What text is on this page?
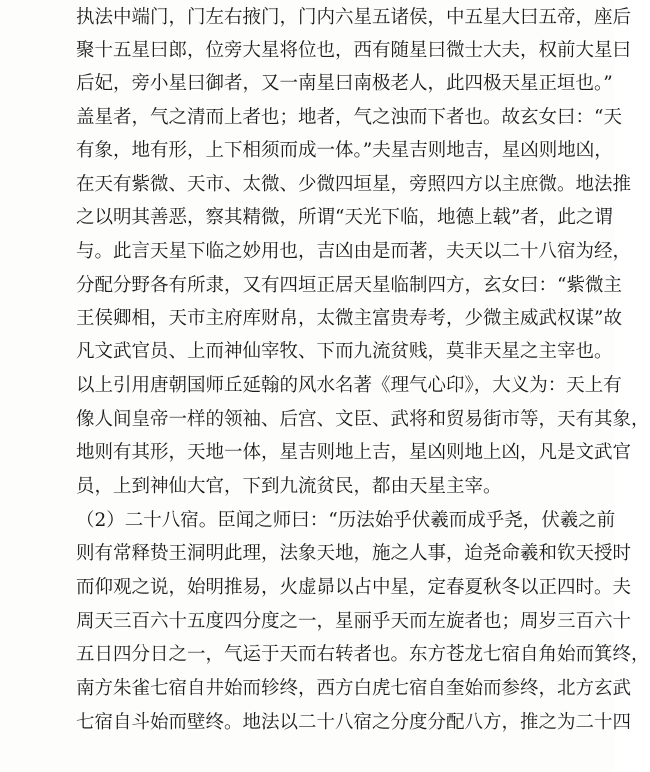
执法中端门，门左右掖门，门内六星五诸侯，中五星大曰五帝，座后
聚十五星曰郎，位旁大星将位也，西有随星曰微士大夫，权前大星曰
后妃，旁小星曰御者，又一南星曰南极老人，此四极天星正垣也。”
盖星者，气之清而上者也；地者，气之浊而下者也。故玄女曰：“天
有象，地有形，上下相须而成一体。”夫星吉则地吉，星凶则地凶，
在天有紫微、天市、太微、少微四垣星，旁照四方以主庶微。地法推
之以明其善恶，察其精微，所谓“天光下临，地德上载”者，此之谓
与。此言天星下临之妙用也，吉凶由是而著，夫天以二十八宿为经，
分配分野各有所隶，又有四垣正居天星临制四方，玄女曰：“紫微主
王侯卿相，天市主府库财帛，太微主富贵寿考，少微主威武权谋”故
凡文武官员、上而神仙宰牧、下而九流贫贱，莫非天星之主宰也。
以上引用唐朝国师丘延翰的风水名著《理气心印》，大义为：天上有
像人间皇帝一样的领袖、后宫、文臣、武将和贸易街市等，天有其象，
地则有其形，天地一体，星吉则地上吉，星凶则地上凶，凡是文武官
员，上到神仙大官，下到九流贫民，都由天星主宰。
（2）二十八宿。臣闻之师曰：“历法始乎伏羲而成乎尧，伏羲之前
则有常释贽王洞明此理，法象天地，施之人事，迨尧命羲和钦天授时
而仰观之说，始明推易，火虚昴以占中星，定春夏秋冬以正四时。夫
周天三百六十五度四分度之一，星丽乎天而左旋者也；周岁三百六十
五日四分日之一，气运于天而右转者也。东方苍龙七宿自角始而箕终，
南方朱雀七宿自井始而轸终，西方白虎七宿自奎始而参终，北方玄武
七宿自斗始而壁终。地法以二十八宿之分度分配八方，推之为二十四
